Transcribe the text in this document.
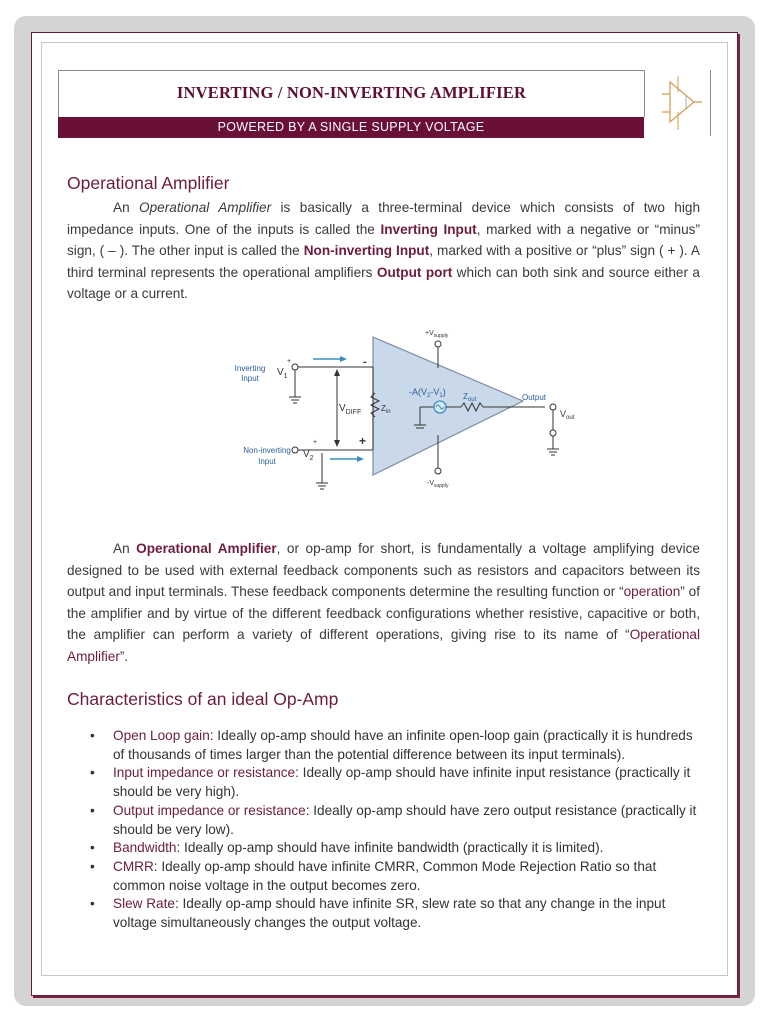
INVERTING / NON-INVERTING AMPLIFIER
POWERED BY A SINGLE SUPPLY VOLTAGE
Operational Amplifier

An Operational Amplifier is basically a three-terminal device which consists of two high impedance inputs. One of the inputs is called the Inverting Input, marked with a negative or “minus” sign, ( – ). The other input is called the Non-inverting Input, marked with a positive or “plus” sign ( + ). A third terminal represents the operational amplifiers Output port which can both sink and source either a voltage or a current.

Inverting
Input
Non-inverting
Input
$V_1$
$V_2$
+
+
$V_{DIFF}$
-
+
$Z_{in}$
$-A(V_2-V_1)$ $Z_{out}$	Output
$V_{out}$
$+V_{supply}$
$-V_{supply}$

An Operational Amplifier, or op-amp for short, is fundamentally a voltage amplifying device designed to be used with external feedback components such as resistors and capacitors between its output and input terminals. These feedback components determine the resulting function or “operation” of the amplifier and by virtue of the different feedback configurations whether resistive, capacitive or both, the amplifier can perform a variety of different operations, giving rise to its name of “Operational Amplifier”.

Characteristics of an ideal Op-Amp
• Open Loop gain: Ideally op-amp should have an infinite open-loop gain (practically it is hundreds of thousands of times larger than the potential difference between its input terminals).
• Input impedance or resistance: Ideally op-amp should have infinite input resistance (practically it should be very high).
• Output impedance or resistance: Ideally op-amp should have zero output resistance (practically it should be very low).
• Bandwidth: Ideally op-amp should have infinite bandwidth (practically it is limited).
• CMRR: Ideally op-amp should have infinite CMRR, Common Mode Rejection Ratio so that common noise voltage in the output becomes zero.
• Slew Rate: Ideally op-amp should have infinite SR, slew rate so that any change in the input voltage simultaneously changes the output voltage.
